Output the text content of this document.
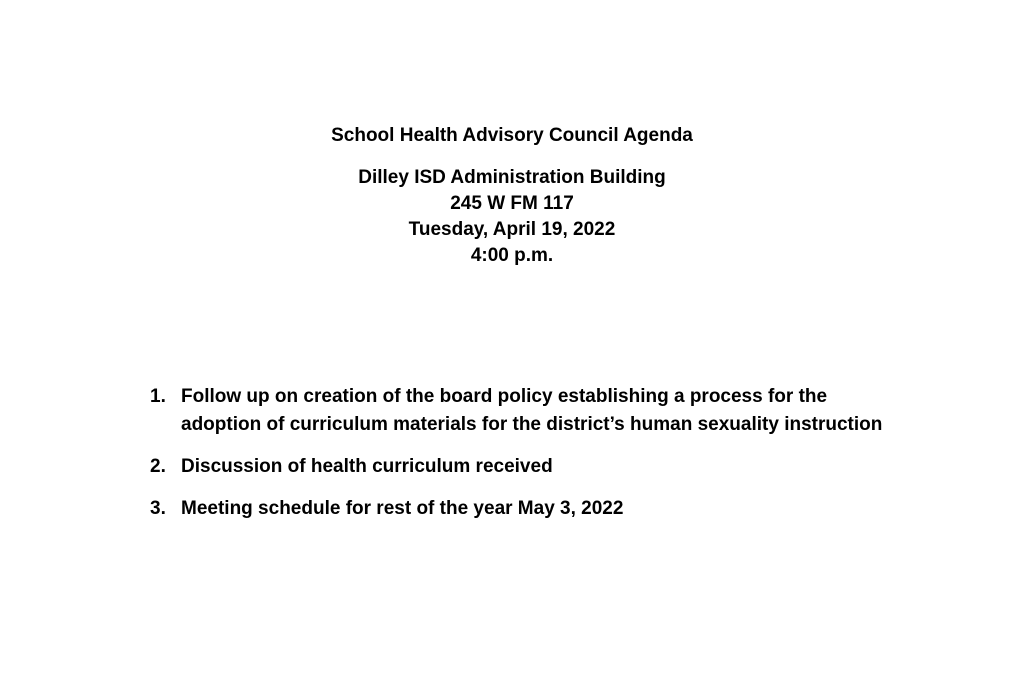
School Health Advisory Council Agenda
Dilley ISD Administration Building
245 W FM 117
Tuesday, April 19, 2022
4:00 p.m.
1. Follow up on creation of the board policy establishing a process for the adoption of curriculum materials for the district’s human sexuality instruction
2. Discussion of health curriculum received
3. Meeting schedule for rest of the year May 3, 2022
